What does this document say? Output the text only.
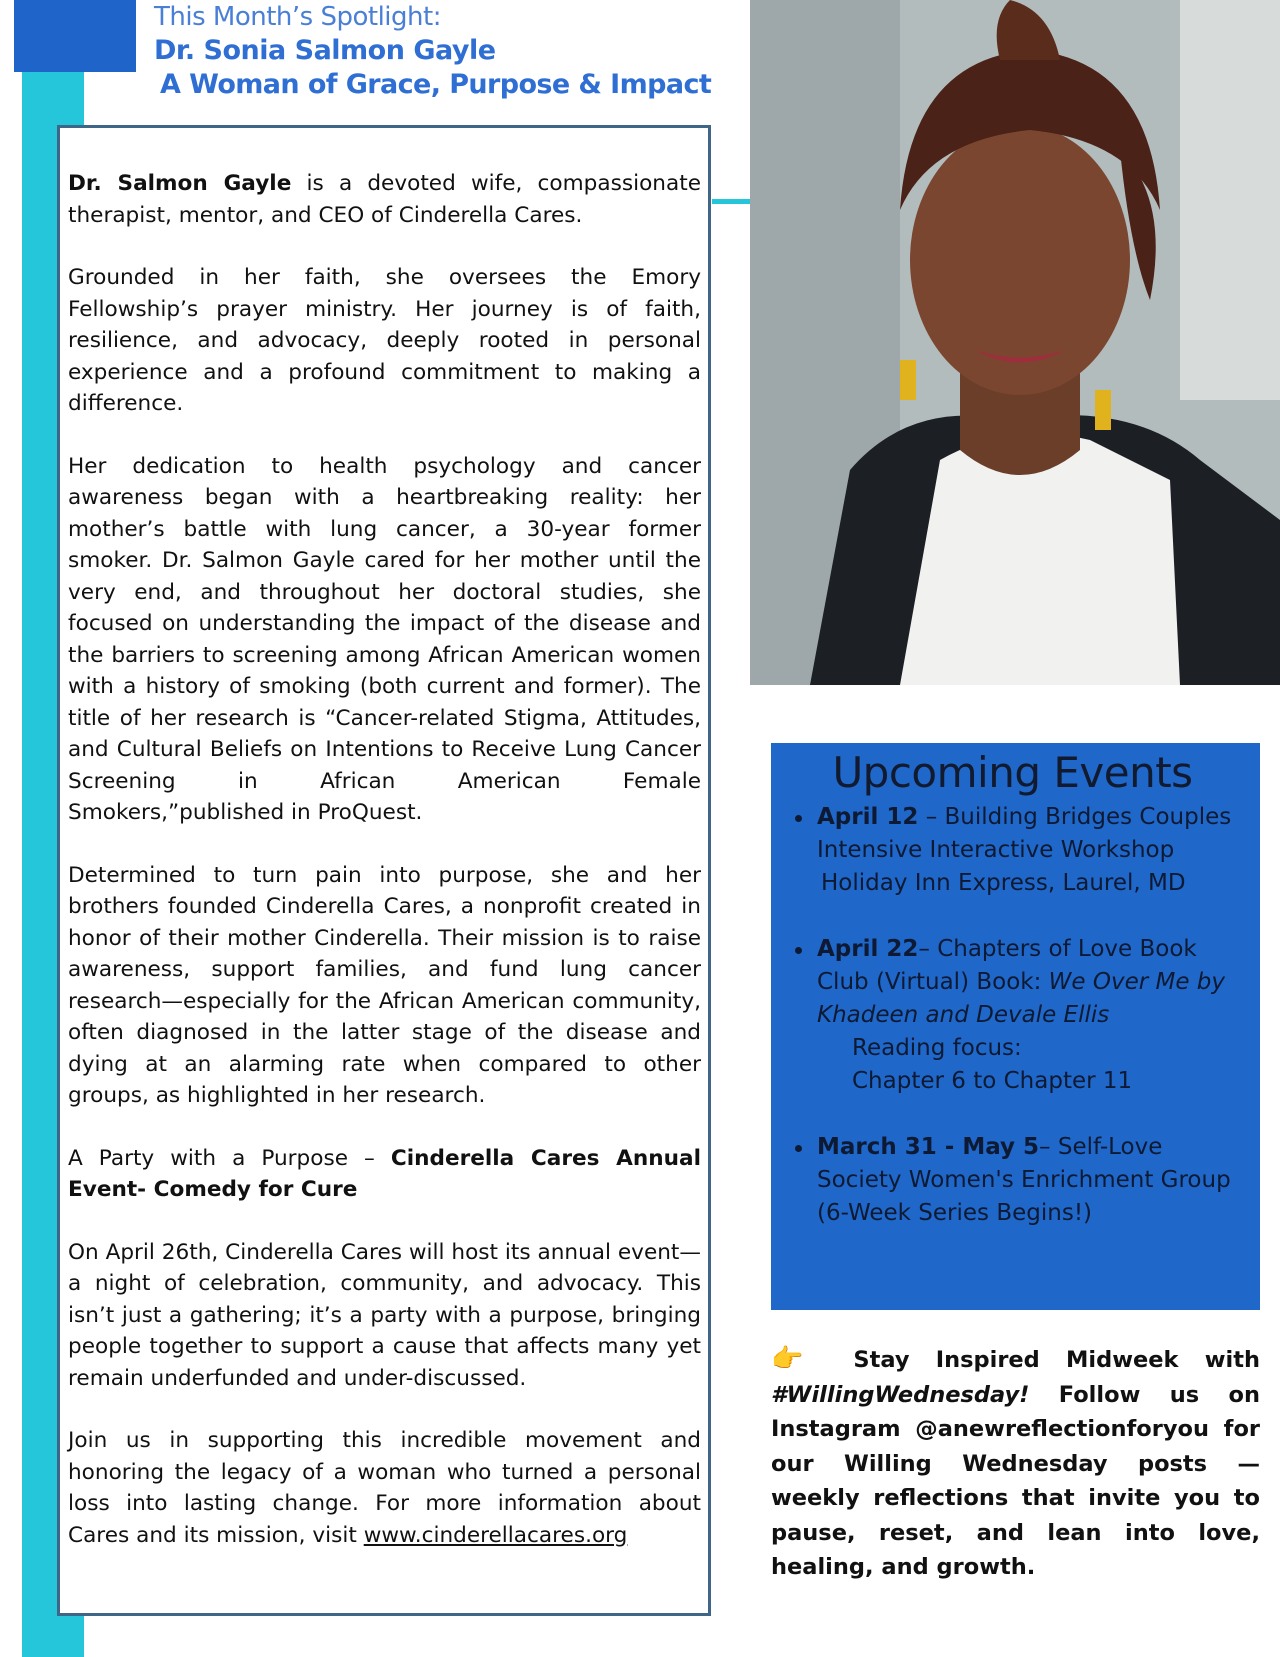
This Month’s Spotlight:
Dr. Sonia Salmon Gayle
A Woman of Grace, Purpose & Impact

Dr. Salmon Gayle is a devoted wife, compassionate therapist, mentor, and CEO of Cinderella Cares.

Grounded in her faith, she oversees the Emory Fellowship’s prayer ministry. Her journey is of faith, resilience, and advocacy, deeply rooted in personal experience and a profound commitment to making a difference.

Her dedication to health psychology and cancer awareness began with a heartbreaking reality: her mother’s battle with lung cancer, a 30-year former smoker. Dr. Salmon Gayle cared for her mother until the very end, and throughout her doctoral studies, she focused on understanding the impact of the disease and the barriers to screening among African American women with a history of smoking (both current and former). The title of her research is “Cancer-related Stigma, Attitudes, and Cultural Beliefs on Intentions to Receive Lung Cancer Screening in African American Female Smokers,”published in ProQuest.

Determined to turn pain into purpose, she and her brothers founded Cinderella Cares, a nonprofit created in honor of their mother Cinderella. Their mission is to raise awareness, support families, and fund lung cancer research—especially for the African American community, often diagnosed in the latter stage of the disease and dying at an alarming rate when compared to other groups, as highlighted in her research.

A Party with a Purpose – Cinderella Cares Annual Event- Comedy for Cure

On April 26th, Cinderella Cares will host its annual event—a night of celebration, community, and advocacy. This isn’t just a gathering; it’s a party with a purpose, bringing people together to support a cause that affects many yet remain underfunded and under-discussed.

Join us in supporting this incredible movement and honoring the legacy of a woman who turned a personal loss into lasting change. For more information about Cares and its mission, visit www.cinderellacares.org

Upcoming Events
April 12 – Building Bridges Couples Intensive Interactive Workshop
Holiday Inn Express, Laurel, MD
April 22– Chapters of Love Book Club (Virtual) Book: We Over Me by Khadeen and Devale Ellis
Reading focus:
Chapter 6 to Chapter 11
March 31 - May 5– Self-Love Society Women's Enrichment Group
(6-Week Series Begins!)
👉 Stay Inspired Midweek with #WillingWednesday! Follow us on Instagram @anewreflectionforyou for our Willing Wednesday posts — weekly reflections that invite you to pause, reset, and lean into love, healing, and growth.
